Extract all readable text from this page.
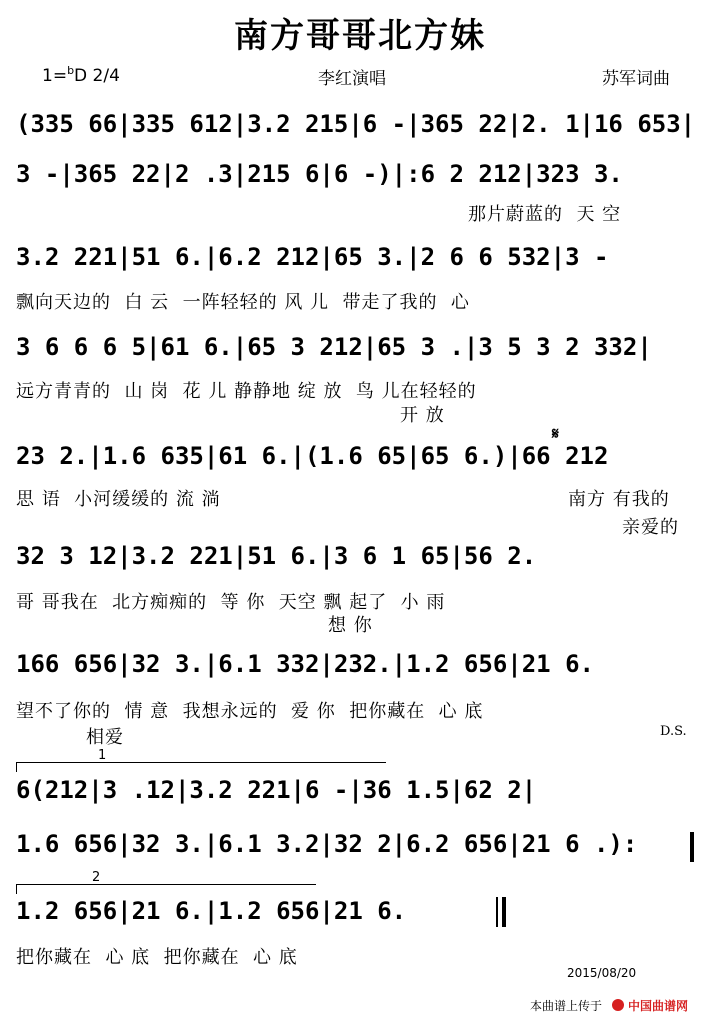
南方哥哥北方妹
1=$^b$D 2/4	李红演唱	苏军词曲
(335 66|335 612|3.2 215|6 -|365 22|2. 1|16 653|
3 -|365 22|2 .3|215 6|6 -)|:6 2 212|323 3.
那片蔚蓝的  天 空
3.2 221|51 6.|6.2 212|65 3.|2 6 6 532|3 -
飘向天边的  白 云  一阵轻轻的 风 儿  带走了我的  心
3 6 6 6 5|61 6.|65 3 212|65 3 .|3 5 3 2 332|
远方青青的  山 岗  花 儿 静静地 绽 放  鸟 儿在轻轻的
开 放
𝄋
23 2.|1.6 635|61 6.|(1.6 65|65 6.)|66 212
思 语  小河缓缓的 流 淌	南方 有我的
亲爱的
32 3 12|3.2 221|51 6.|3 6 1 65|56 2.
哥 哥我在  北方痴痴的  等 你  天空 飘 起了  小 雨
想 你
166 656|32 3.|6.1 332|232.|1.2 656|21 6.
望不了你的  情 意  我想永远的  爱 你  把你藏在  心 底
相爱	D.S.
1
6(212|3 .12|3.2 221|6 -|36 1.5|62 2|
1.6 656|32 3.|6.1 3.2|32 2|6.2 656|21 6 .):
2
1.2 656|21 6.|1.2 656|21 6.
把你藏在  心 底  把你藏在  心 底
2015/08/20
本曲谱上传于 中国曲谱网
